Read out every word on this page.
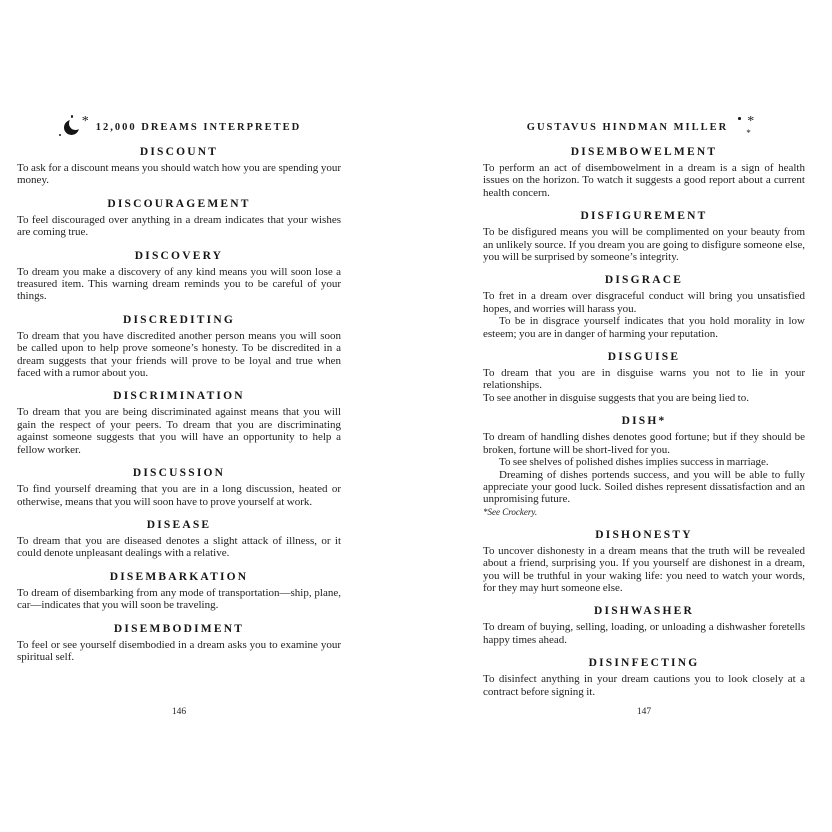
* 12,000 DREAMS INTERPRETED
DISCOUNT

To ask for a discount means you should watch how you are spending your money.

DISCOURAGEMENT

To feel discouraged over anything in a dream indicates that your wishes are coming true.

DISCOVERY

To dream you make a discovery of any kind means you will soon lose a treasured item. This warning dream reminds you to be careful of your things.

DISCREDITING

To dream that you have discredited another person means you will soon be called upon to help prove someone’s honesty. To be discredited in a dream suggests that your friends will prove to be loyal and true when faced with a rumor about you.

DISCRIMINATION

To dream that you are being discriminated against means that you will gain the respect of your peers. To dream that you are discriminating against someone suggests that you will have an opportunity to help a fellow worker.

DISCUSSION

To find yourself dreaming that you are in a long discussion, heated or otherwise, means that you will soon have to prove yourself at work.

DISEASE

To dream that you are diseased denotes a slight attack of illness, or it could denote unpleasant dealings with a relative.

DISEMBARKATION

To dream of disembarking from any mode of transportation—ship, plane, car—indicates that you will soon be traveling.

DISEMBODIMENT

To feel or see yourself disembodied in a dream asks you to examine your spiritual self.

146
GUSTAVUS HINDMAN MILLER *
*
DISEMBOWELMENT

To perform an act of disembowelment in a dream is a sign of health issues on the horizon. To watch it suggests a good report about a current health concern.

DISFIGUREMENT

To be disfigured means you will be complimented on your beauty from an unlikely source. If you dream you are going to disfigure someone else, you will be surprised by someone’s integrity.

DISGRACE

To fret in a dream over disgraceful conduct will bring you unsatisfied hopes, and worries will harass you.

To be in disgrace yourself indicates that you hold morality in low esteem; you are in danger of harming your reputation.

DISGUISE

To dream that you are in disguise warns you not to lie in your relationships.

To see another in disguise suggests that you are being lied to.

DISH*

To dream of handling dishes denotes good fortune; but if they should be broken, fortune will be short-lived for you.

To see shelves of polished dishes implies success in marriage.

Dreaming of dishes portends success, and you will be able to fully appreciate your good luck. Soiled dishes represent dissatisfaction and an unpromising future.

*See Crockery.

DISHONESTY

To uncover dishonesty in a dream means that the truth will be revealed about a friend, surprising you. If you yourself are dishonest in a dream, you will be truthful in your waking life: you need to watch your words, for they may hurt someone else.

DISHWASHER

To dream of buying, selling, loading, or unloading a dishwasher foretells happy times ahead.

DISINFECTING

To disinfect anything in your dream cautions you to look closely at a contract before signing it.

147
